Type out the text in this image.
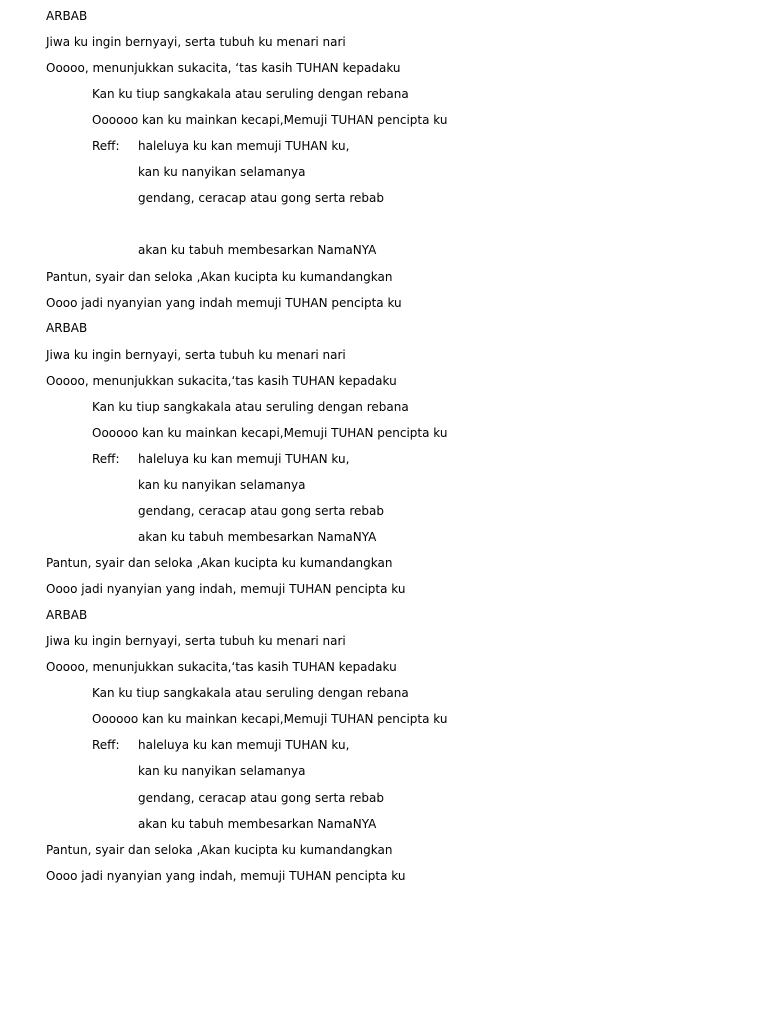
ARBAB
Jiwa ku ingin bernyayi, serta tubuh ku menari nari
Ooooo, menunjukkan sukacita, ‘tas kasih TUHAN kepadaku
Kan ku tiup sangkakala atau seruling dengan rebana
Oooooo kan ku mainkan kecapi,Memuji TUHAN pencipta ku
Reff: haleluya ku kan memuji TUHAN ku,
kan ku nanyikan selamanya
gendang, ceracap atau gong serta rebab
akan ku tabuh membesarkan NamaNYA
Pantun, syair dan seloka ,Akan kucipta ku kumandangkan
Oooo jadi nyanyian yang indah memuji TUHAN pencipta ku
ARBAB
Jiwa ku ingin bernyayi, serta tubuh ku menari nari
Ooooo, menunjukkan sukacita,‘tas kasih TUHAN kepadaku
Kan ku tiup sangkakala atau seruling dengan rebana
Oooooo kan ku mainkan kecapi,Memuji TUHAN pencipta ku
Reff: haleluya ku kan memuji TUHAN ku,
kan ku nanyikan selamanya
gendang, ceracap atau gong serta rebab
akan ku tabuh membesarkan NamaNYA
Pantun, syair dan seloka ,Akan kucipta ku kumandangkan
Oooo jadi nyanyian yang indah, memuji TUHAN pencipta ku
ARBAB
Jiwa ku ingin bernyayi, serta tubuh ku menari nari
Ooooo, menunjukkan sukacita,‘tas kasih TUHAN kepadaku
Kan ku tiup sangkakala atau seruling dengan rebana
Oooooo kan ku mainkan kecapi,Memuji TUHAN pencipta ku
Reff: haleluya ku kan memuji TUHAN ku,
kan ku nanyikan selamanya
gendang, ceracap atau gong serta rebab
akan ku tabuh membesarkan NamaNYA
Pantun, syair dan seloka ,Akan kucipta ku kumandangkan
Oooo jadi nyanyian yang indah, memuji TUHAN pencipta ku
